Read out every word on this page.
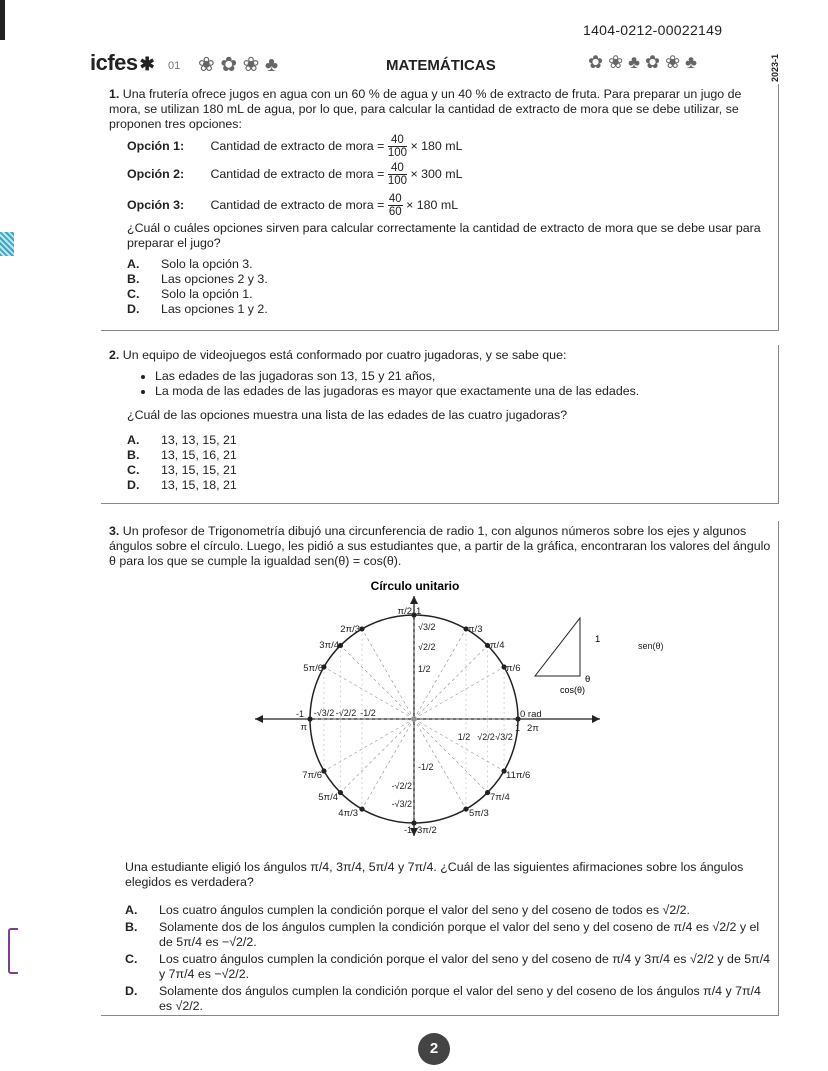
1404-0212-00022149
icfes ✱ 01 ❀ ✿ ❀ ♣	MATEMÁTICAS	✿ ❀ ♣ ✿ ❀ ♣	2023-1
1. Una frutería ofrece jugos en agua con un 60 % de agua y un 40 % de extracto de fruta. Para preparar un jugo de mora, se utilizan 180 mL de agua, por lo que, para calcular la cantidad de extracto de mora que se debe utilizar, se proponen tres opciones:
Opción 1: Cantidad de extracto de mora = $\frac{40}{100} \times 180$ mL
Opción 2: Cantidad de extracto de mora = $\frac{40}{100} \times 300$ mL
Opción 3: Cantidad de extracto de mora = $\frac{40}{60} \times 180$ mL
¿Cuál o cuáles opciones sirven para calcular correctamente la cantidad de extracto de mora que se debe usar para preparar el jugo?
A. Solo la opción 3.
B. Las opciones 2 y 3.
C. Solo la opción 1.
D. Las opciones 1 y 2.
2. Un equipo de videojuegos está conformado por cuatro jugadoras, y se sabe que:
• Las edades de las jugadoras son 13, 15 y 21 años,
• La moda de las edades de las jugadoras es mayor que exactamente una de las edades.
¿Cuál de las opciones muestra una lista de las edades de las cuatro jugadoras?
A. 13, 13, 15, 21
B. 13, 15, 16, 21
C. 13, 15, 15, 21
D. 13, 15, 18, 21
3. Un profesor de Trigonometría dibujó una circunferencia de radio 1, con algunos números sobre los ejes y algunos ángulos sobre el círculo. Luego, les pidió a sus estudiantes que, a partir de la gráfica, encontraran los valores del ángulo θ para los que se cumple la igualdad sen(θ) = cos(θ).
Círculo unitario
π/2 1
π/3
π/4
π/6
0 rad
2π
2π/3
3π/4
5π/6
π
7π/6
5π/4
4π/3
3π/2
5π/3
7π/4
11π/6
-1
√3/2
√2/2
1/2
-1/2
-√2/2
-√3/2
-√3/2 -√2/2 -1/2
1/2 √2/2 √3/2
1
-1
1
θ
cos(θ)
sen(θ)
Una estudiante eligió los ángulos π/4, 3π/4, 5π/4 y 7π/4. ¿Cuál de las siguientes afirmaciones sobre los ángulos elegidos es verdadera?
A.	Los cuatro ángulos cumplen la condición porque el valor del seno y del coseno de todos es √2/2.
B.	Solamente dos de los ángulos cumplen la condición porque el valor del seno y del coseno de π/4 es √2/2 y el de 5π/4 es −√2/2.
C.	Los cuatro ángulos cumplen la condición porque el valor del seno y del coseno de π/4 y 3π/4 es √2/2 y de 5π/4 y 7π/4 es −√2/2.
D.	Solamente dos ángulos cumplen la condición porque el valor del seno y del coseno de los ángulos π/4 y 7π/4 es √2/2.
2
